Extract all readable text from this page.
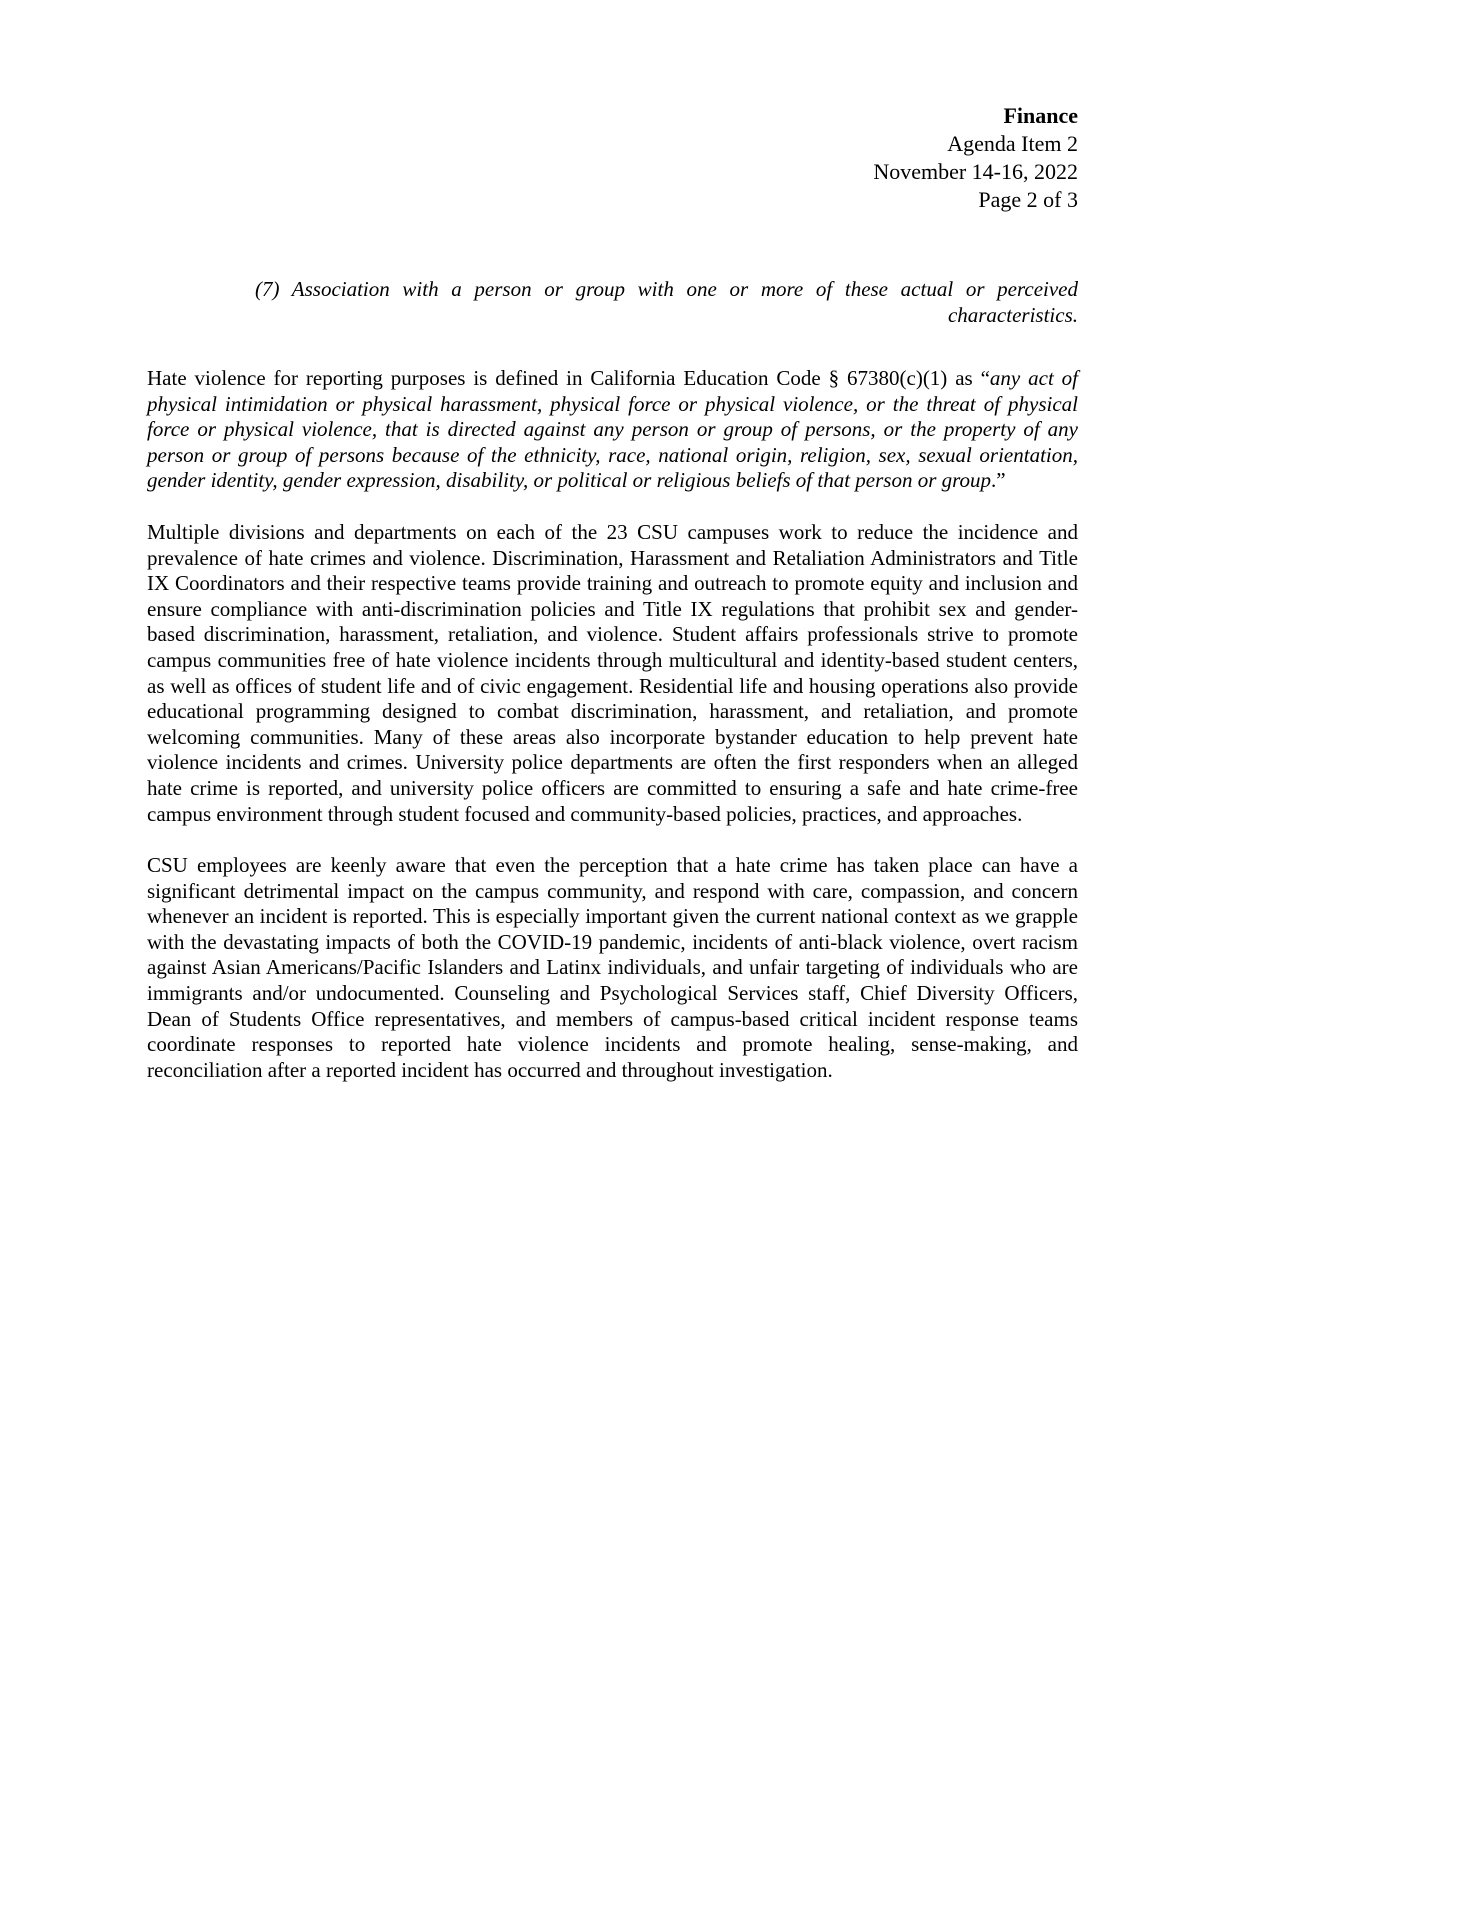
Finance
Agenda Item 2
November 14-16, 2022
Page 2 of 3

(7) Association with a person or group with one or more of these actual or perceived characteristics.

Hate violence for reporting purposes is defined in California Education Code § 67380(c)(1) as “any act of physical intimidation or physical harassment, physical force or physical violence, or the threat of physical force or physical violence, that is directed against any person or group of persons, or the property of any person or group of persons because of the ethnicity, race, national origin, religion, sex, sexual orientation, gender identity, gender expression, disability, or political or religious beliefs of that person or group.”

Multiple divisions and departments on each of the 23 CSU campuses work to reduce the incidence and prevalence of hate crimes and violence. Discrimination, Harassment and Retaliation Administrators and Title IX Coordinators and their respective teams provide training and outreach to promote equity and inclusion and ensure compliance with anti-discrimination policies and Title IX regulations that prohibit sex and gender-based discrimination, harassment, retaliation, and violence. Student affairs professionals strive to promote campus communities free of hate violence incidents through multicultural and identity-based student centers, as well as offices of student life and of civic engagement. Residential life and housing operations also provide educational programming designed to combat discrimination, harassment, and retaliation, and promote welcoming communities. Many of these areas also incorporate bystander education to help prevent hate violence incidents and crimes. University police departments are often the first responders when an alleged hate crime is reported, and university police officers are committed to ensuring a safe and hate crime-free campus environment through student focused and community-based policies, practices, and approaches.

CSU employees are keenly aware that even the perception that a hate crime has taken place can have a significant detrimental impact on the campus community, and respond with care, compassion, and concern whenever an incident is reported. This is especially important given the current national context as we grapple with the devastating impacts of both the COVID-19 pandemic, incidents of anti-black violence, overt racism against Asian Americans/Pacific Islanders and Latinx individuals, and unfair targeting of individuals who are immigrants and/or undocumented. Counseling and Psychological Services staff, Chief Diversity Officers, Dean of Students Office representatives, and members of campus-based critical incident response teams coordinate responses to reported hate violence incidents and promote healing, sense-making, and reconciliation after a reported incident has occurred and throughout investigation.
